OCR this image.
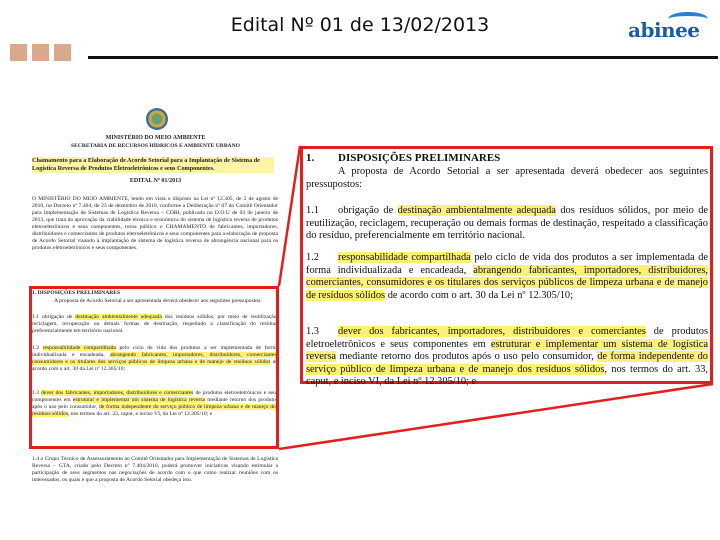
Edital Nº 01 de 13/02/2013	abinee
MINISTÉRIO DO MEIO AMBIENTE
SECRETARIA DE RECURSOS HÍDRICOS E AMBIENTE URBANO
Chamamento para a Elaboração de Acordo Setorial para a Implantação de Sistema de Logística Reversa de Produtos Eletroeletrônicos e seus Componentes.
EDITAL Nº 01/2013
O MINISTÉRIO DO MEIO AMBIENTE, tendo em vista o disposto na Lei nº 12.305, de 2 de agosto de 2010, no Decreto nº 7.404, de 23 de dezembro de 2010, conforme a Deliberação nº 07 do Comitê Orientador para Implementação de Sistemas de Logística Reversa – CORI, publicada no D.O.U de 03 de janeiro de 2013, que trata da aprovação da viabilidade técnica e econômica do sistema de logística reversa de produtos eletroeletrônicos e seus componentes, torna público o CHAMAMENTO de fabricantes, importadores, distribuidores e comerciantes de produtos eletroeletrônicos e seus componentes para a elaboração de proposta de Acordo Setorial visando à implantação de sistema de logística reversa de abrangência nacional para os produtos eletroeletrônicos e seus componentes.
1. DISPOSIÇÕES PRELIMINARES
A proposta de Acordo Setorial a ser apresentada deverá obedecer aos seguintes pressupostos:
1.1 obrigação de destinação ambientalmente adequada dos resíduos sólidos, por meio de reutilização, reciclagem, recuperação ou demais formas de destinação, respeitado a classificação do resíduo, preferencialmente em território nacional.
1.2 responsabilidade compartilhada pelo ciclo de vida dos produtos a ser implementada de forma individualizada e encadeada, abrangendo fabricantes, importadores, distribuidores, comerciantes, consumidores e os titulares dos serviços públicos de limpeza urbana e de manejo de resíduos sólidos de acordo com o art. 30 da Lei nº 12.305/10;
1.3 dever dos fabricantes, importadores, distribuidores e comerciantes de produtos eletroeletrônicos e seus componentes em estruturar e implementar um sistema de logística reversa mediante retorno dos produtos após o uso pelo consumidor, de forma independente do serviço público de limpeza urbana e de manejo dos resíduos sólidos, nos termos do art. 33, caput, e inciso VI, da Lei nº 12.305/10; e
1.4 o Grupo Técnico de Assessoramento ao Comitê Orientador para Implementação de Sistemas de Logística Reversa – GTA, criado pelo Decreto nº 7.404/2010, poderá promover iniciativas visando estimular a participação de seus segmentos nas negociações de acordo com o que como realizar reuniões com os interessados, os quais e que a proposta de Acordo Setorial obedeça isto.
1. DISPOSIÇÕES PRELIMINARES
A proposta de Acordo Setorial a ser apresentada deverá obedecer aos seguintes pressupostos:
1.1 obrigação de destinação ambientalmente adequada dos resíduos sólidos, por meio de reutilização, reciclagem, recuperação ou demais formas de destinação, respeitado a classificação do resíduo, preferencialmente em território nacional.
1.2 responsabilidade compartilhada pelo ciclo de vida dos produtos a ser implementada de forma individualizada e encadeada, abrangendo fabricantes, importadores, distribuidores, comerciantes, consumidores e os titulares dos serviços públicos de limpeza urbana e de manejo de resíduos sólidos de acordo com o art. 30 da Lei nº 12.305/10;
1.3 dever dos fabricantes, importadores, distribuidores e comerciantes de produtos eletroeletrônicos e seus componentes em estruturar e implementar um sistema de logística reversa mediante retorno dos produtos após o uso pelo consumidor, de forma independente do serviço público de limpeza urbana e de manejo dos resíduos sólidos, nos termos do art. 33, caput, e inciso VI, da Lei nº 12.305/10; e
